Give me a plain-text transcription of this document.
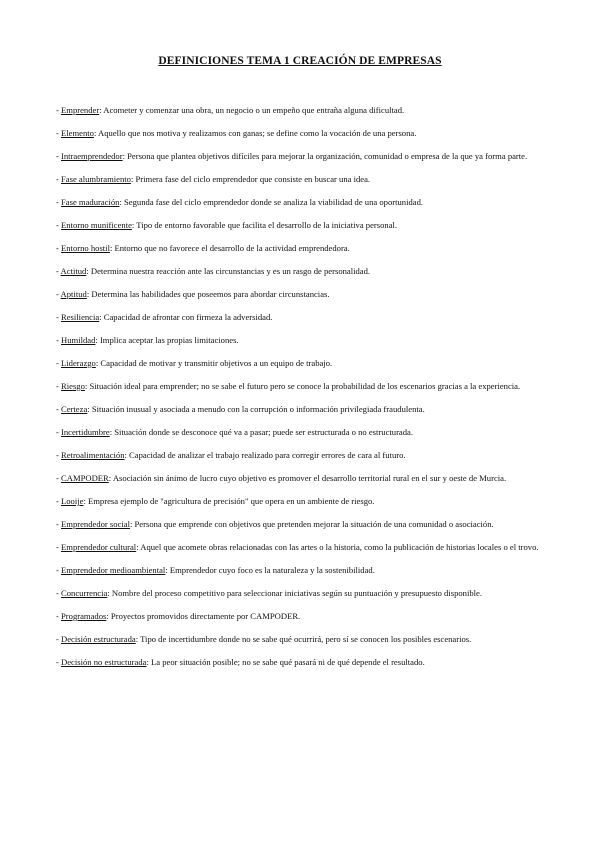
DEFINICIONES TEMA 1 CREACIÓN DE EMPRESAS
- Emprender: Acometer y comenzar una obra, un negocio o un empeño que entraña alguna dificultad.
- Elemento: Aquello que nos motiva y realizamos con ganas; se define como la vocación de una persona.
- Intraemprendedor: Persona que plantea objetivos difíciles para mejorar la organización, comunidad o empresa de la que ya forma parte.
- Fase alumbramiento: Primera fase del ciclo emprendedor que consiste en buscar una idea.
- Fase maduración: Segunda fase del ciclo emprendedor donde se analiza la viabilidad de una oportunidad.
- Entorno munificente: Tipo de entorno favorable que facilita el desarrollo de la iniciativa personal.
- Entorno hostil: Entorno que no favorece el desarrollo de la actividad emprendedora.
- Actitud: Determina nuestra reacción ante las circunstancias y es un rasgo de personalidad.
- Aptitud: Determina las habilidades que poseemos para abordar circunstancias.
- Resiliencia: Capacidad de afrontar con firmeza la adversidad.
- Humildad: Implica aceptar las propias limitaciones.
- Liderazgo: Capacidad de motivar y transmitir objetivos a un equipo de trabajo.
- Riesgo: Situación ideal para emprender; no se sabe el futuro pero se conoce la probabilidad de los escenarios gracias a la experiencia.
- Certeza: Situación inusual y asociada a menudo con la corrupción o información privilegiada fraudulenta.
- Incertidumbre: Situación donde se desconoce qué va a pasar; puede ser estructurada o no estructurada.
- Retroalimentación: Capacidad de analizar el trabajo realizado para corregir errores de cara al futuro.
- CAMPODER: Asociación sin ánimo de lucro cuyo objetivo es promover el desarrollo territorial rural en el sur y oeste de Murcia.
- Looije: Empresa ejemplo de "agricultura de precisión" que opera en un ambiente de riesgo.
- Emprendedor social: Persona que emprende con objetivos que pretenden mejorar la situación de una comunidad o asociación.
- Emprendedor cultural: Aquel que acomete obras relacionadas con las artes o la historia, como la publicación de historias locales o el trovo.
- Emprendedor medioambiental: Emprendedor cuyo foco es la naturaleza y la sostenibilidad.
- Concurrencia: Nombre del proceso competitivo para seleccionar iniciativas según su puntuación y presupuesto disponible.
- Programados: Proyectos promovidos directamente por CAMPODER.
- Decisión estructurada: Tipo de incertidumbre donde no se sabe qué ocurrirá, pero sí se conocen los posibles escenarios.
- Decisión no estructurada: La peor situación posible; no se sabe qué pasará ni de qué depende el resultado.
